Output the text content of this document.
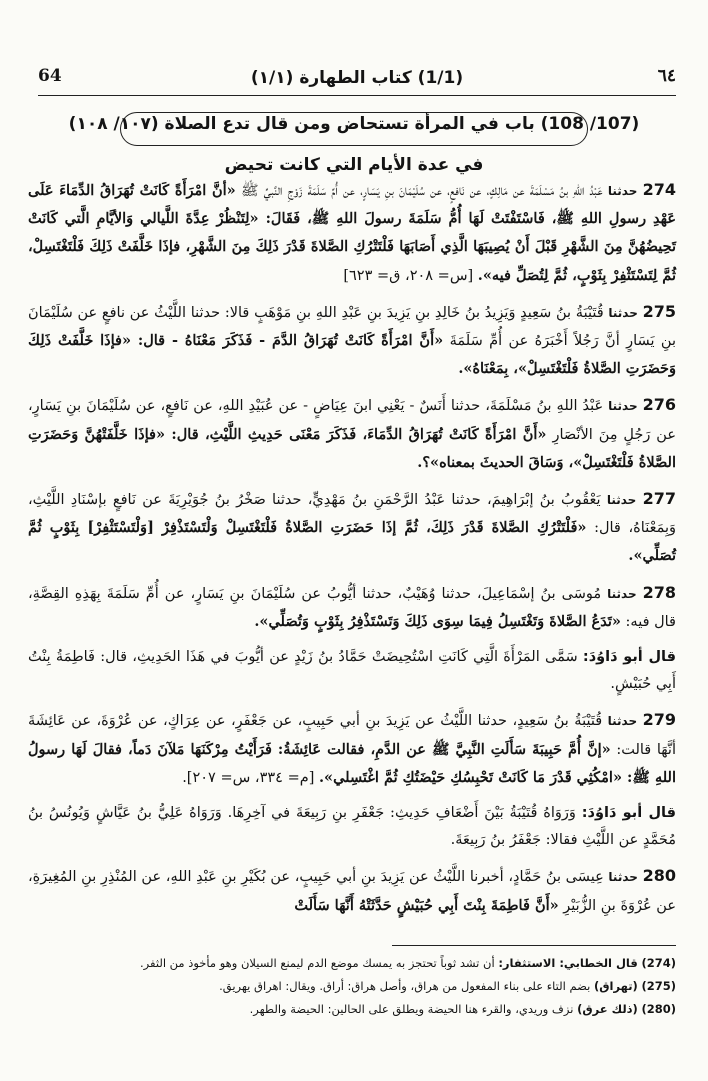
64	(1/1) كتاب الطهارة (١/١)	٦٤
(107/ 108) باب في المرأة تستحاض ومن قال تدع الصلاة (١٠٧/ ١٠٨)
في عدة الأيام التي كانت تحيض

274 حدثنا عَبْدُ اللهِ بنُ مَسْلَمَةَ عن مَالِكٍ، عن نَافعٍ، عن سُلَيْمَانَ بنِ يَسَارٍ، عن أُمِّ سَلَمَةَ زَوْجِ النَّبيِّ ﷺ «أنَّ امْرَأَةً كَانَتْ تُهَرَاقُ الدِّمَاءَ عَلَى عَهْدِ رسولِ اللهِ ﷺ، فَاسْتَفْتَتْ لَهَا أُمُّ سَلَمَةَ رسولَ اللهِ ﷺ، فَقَالَ: «لِتَنْظُرْ عِدَّةَ اللَّيالي وَالأيَّامِ الَّتي كَانَتْ تَحِيضُهُنَّ مِنَ الشَّهْرِ قَبْلَ أَنْ يُصِيبَهَا الَّذِي أَصَابَهَا فَلْتَتْرُكِ الصَّلاةَ قَدْرَ ذَلِكَ مِنَ الشَّهْرِ، فإذَا خَلَّفَتْ ذَلِكَ فَلْتَغْتَسِلْ، ثُمَّ لِتَسْتَثْفِرْ بِثَوْبٍ، ثُمَّ لِتُصَلِّ فيه». [س= ٢٠٨، ق= ٦٢٣]

275 حدثنا قُتَيْبَةُ بنُ سَعِيدٍ وَيَزِيدُ بنُ خَالِدِ بنِ يَزِيدَ بنِ عَبْدِ اللهِ بنِ مَوْهَبٍ قالا: حدثنا اللَّيْثُ عن نافعٍ عن سُلَيْمَانَ بنِ يَسَارٍ أنَّ رَجُلاً أَخْبَرَهُ عن أُمِّ سَلَمَةَ «أَنَّ امْرَأَةً كَانَتْ تُهَرَاقُ الدَّمَ - فَذَكَرَ مَعْنَاهُ - قال: «فإذَا خَلَّفَتْ ذَلِكَ وَحَضَرَتِ الصَّلاةُ فَلْتَغْتَسِلْ»، بِمَعْنَاهُ».

276 حدثنا عَبْدُ اللهِ بنُ مَسْلَمَةَ، حدثنا أَنَسٌ - يَعْنِي ابنَ عِيَاضٍ - عن عُبَيْدِ اللهِ، عن نَافعٍ، عن سُلَيْمَانَ بنِ يَسَارٍ، عن رَجُلٍ مِنَ الأنْصَارِ «أَنَّ امْرَأَةً كَانَتْ تُهَرَاقُ الدِّمَاءَ، فَذَكَرَ مَعْنَى حَدِيثِ اللَّيْثِ، قال: «فإذَا خَلَّفَتْهُنَّ وَحَضَرَتِ الصَّلاةُ فَلْتَغْتَسِلْ»، وَسَاقَ الحديثَ بمعناه»؟.

277 حدثنا يَعْقُوبُ بنُ إبْرَاهِيمَ، حدثنا عَبْدُ الرَّحْمَنِ بنُ مَهْدِيٍّ، حدثنا صَخْرُ بنُ جُوَيْرِيَةَ عن نَافعٍ بإسْنَادِ اللَّيْثِ، وَبِمَعْنَاهُ، قال: «فَلْتَتْرُكِ الصَّلاةَ قَدْرَ ذَلِكَ، ثُمَّ إذَا حَضَرَتِ الصَّلاةُ فَلْتَغْتَسِلْ وَلْتَسْتَذْفِرْ [وَلْتَسْتَثْفِرْ] بِثَوْبٍ ثُمَّ تُصَلِّي».

278 حدثنا مُوسَى بنُ إسْمَاعِيلَ، حدثنا وُهَيْبٌ، حدثنا أيُّوبُ عن سُلَيْمَانَ بنِ يَسَارٍ، عن أُمِّ سَلَمَةَ بِهَذِهِ القِصَّةِ، قال فيه: «تَدَعُ الصَّلاةَ وَتَغْتَسِلُ فِيمَا سِوَى ذَلِكَ وَتَسْتَذْفِرُ بِثَوْبٍ وَتُصَلِّي».

قال أبو دَاوُدَ: سَمَّى المَرْأَةَ الَّتِي كَانَتِ اسْتُحِيضَتْ حَمَّادُ بنُ زَيْدٍ عن أيُّوبَ في هَذَا الحَدِيثِ، قال: فَاطِمَةُ بِنْتُ أَبِي حُبَيْشٍ.

279 حدثنا قُتَيْبَةُ بنُ سَعِيدٍ، حدثنا اللَّيْثُ عن يَزِيدَ بنِ أبي حَبِيبٍ، عن جَعْفَرٍ، عن عِرَاكٍ، عن عُرْوَةَ، عن عَائِشَةَ أنَّهَا قالت: «إنَّ أُمَّ حَبِيبَةَ سَأَلَتِ النَّبِيَّ ﷺ عن الدَّمِ، فقالت عَائِشَةُ: فَرَأَيْتُ مِرْكَنَهَا مَلآنَ دَماً، فقالَ لَهَا رسولُ اللهِ ﷺ: «امْكُثِي قَدْرَ مَا كَانَتْ تَحْبِسُكِ حَيْضَتُكِ ثُمَّ اغْتَسِلي». [م= ٣٣٤، س= ٢٠٧].

قال أبو دَاوُدَ: وَرَوَاهُ قُتَيْبَةُ بَيْنَ أَضْعَافِ حَدِيثِ: جَعْفَرِ بنِ رَبِيعَةَ في آخِرِهَا. وَرَوَاهُ عَلِيُّ بنُ عَيَّاشٍ وَيُونُسُ بنُ مُحَمَّدٍ عن اللَّيْثِ فقالا: جَعْفَرُ بنُ رَبِيعَةَ.

280 حدثنا عِيسَى بنُ حَمَّادٍ، أخبرنا اللَّيْثُ عن يَزِيدَ بنِ أبي حَبِيبٍ، عن بُكَيْرِ بنِ عَبْدِ اللهِ، عن المُنْذِرِ بنِ المُغِيرَةِ، عن عُرْوَةَ بنِ الزُّبَيْرِ «أَنَّ فَاطِمَةَ بِنْتَ أَبِي حُبَيْشٍ حَدَّثَتْهُ أَنَّهَا سَأَلَتْ

(274) قال الخطابي: الاستثفار: أن تشد ثوباً تحتجز به يمسك موضع الدم ليمنع السيلان وهو مأخوذ من الثفر.
(275) (تهراق) بضم التاء على بناء المفعول من هراق، وأصل هراق: أراق. ويقال: اهراق يهريق.
(280) (ذلك عرق) نزف وريدي، والقرء هنا الحيضة ويطلق على الحالين: الحيضة والطهر.
